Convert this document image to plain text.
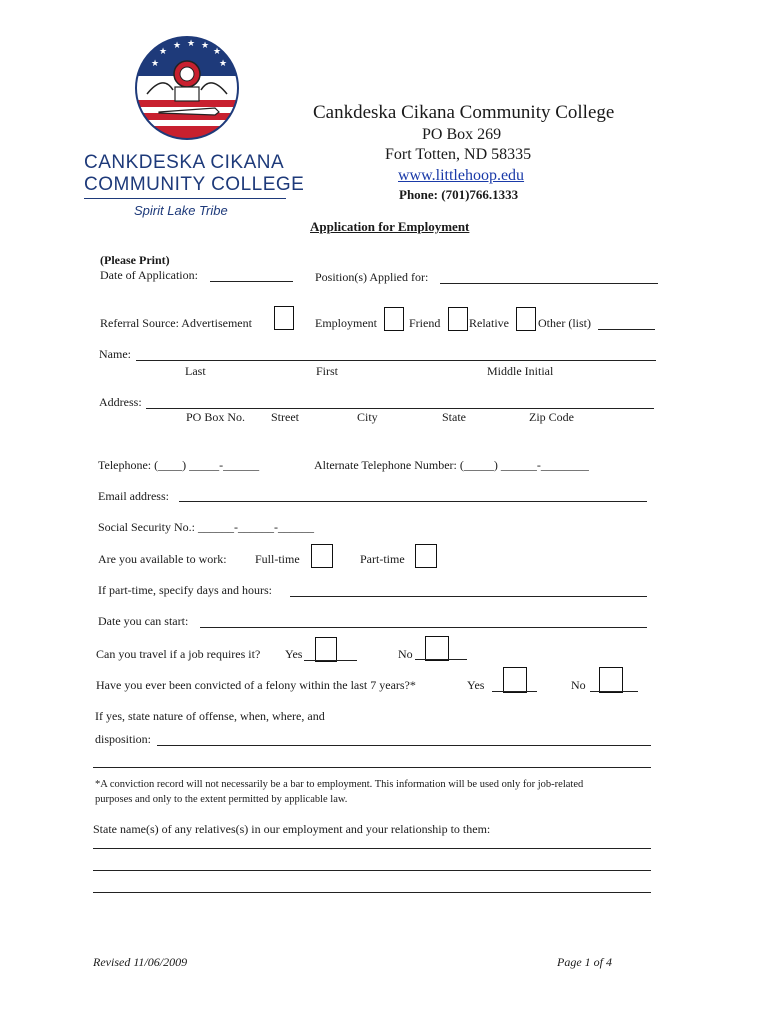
★
★ ★ ★
★
★	★
CANKDESKA CIKANA
COMMUNITY COLLEGE
Spirit Lake Tribe
Cankdeska Cikana Community College
PO Box 269
Fort Totten, ND 58335
www.littlehoop.edu
Phone: (701)766.1333
Application for Employment
(Please Print)
Date of Application:	Position(s) Applied for:
Referral Source: Advertisement	Employment	Friend Relative Other (list)
Name:
Last	First	Middle Initial
Address:
PO Box No. Street	City	State	Zip Code
Telephone: (____) _____-______	Alternate Telephone Number: (_____) ______-________
Email address:
Social Security No.: ______-______-______
Are you available to work: Full-time	Part-time
If part-time, specify days and hours:
Date you can start:
Can you travel if a job requires it? Yes	No
Have you ever been convicted of a felony within the last 7 years?*	Yes	No
If yes, state nature of offense, when, where, and
disposition:
*A conviction record will not necessarily be a bar to employment. This information will be used only for job-related
purposes and only to the extent permitted by applicable law.
State name(s) of any relatives(s) in our employment and your relationship to them:
Revised 11/06/2009	Page 1 of 4
